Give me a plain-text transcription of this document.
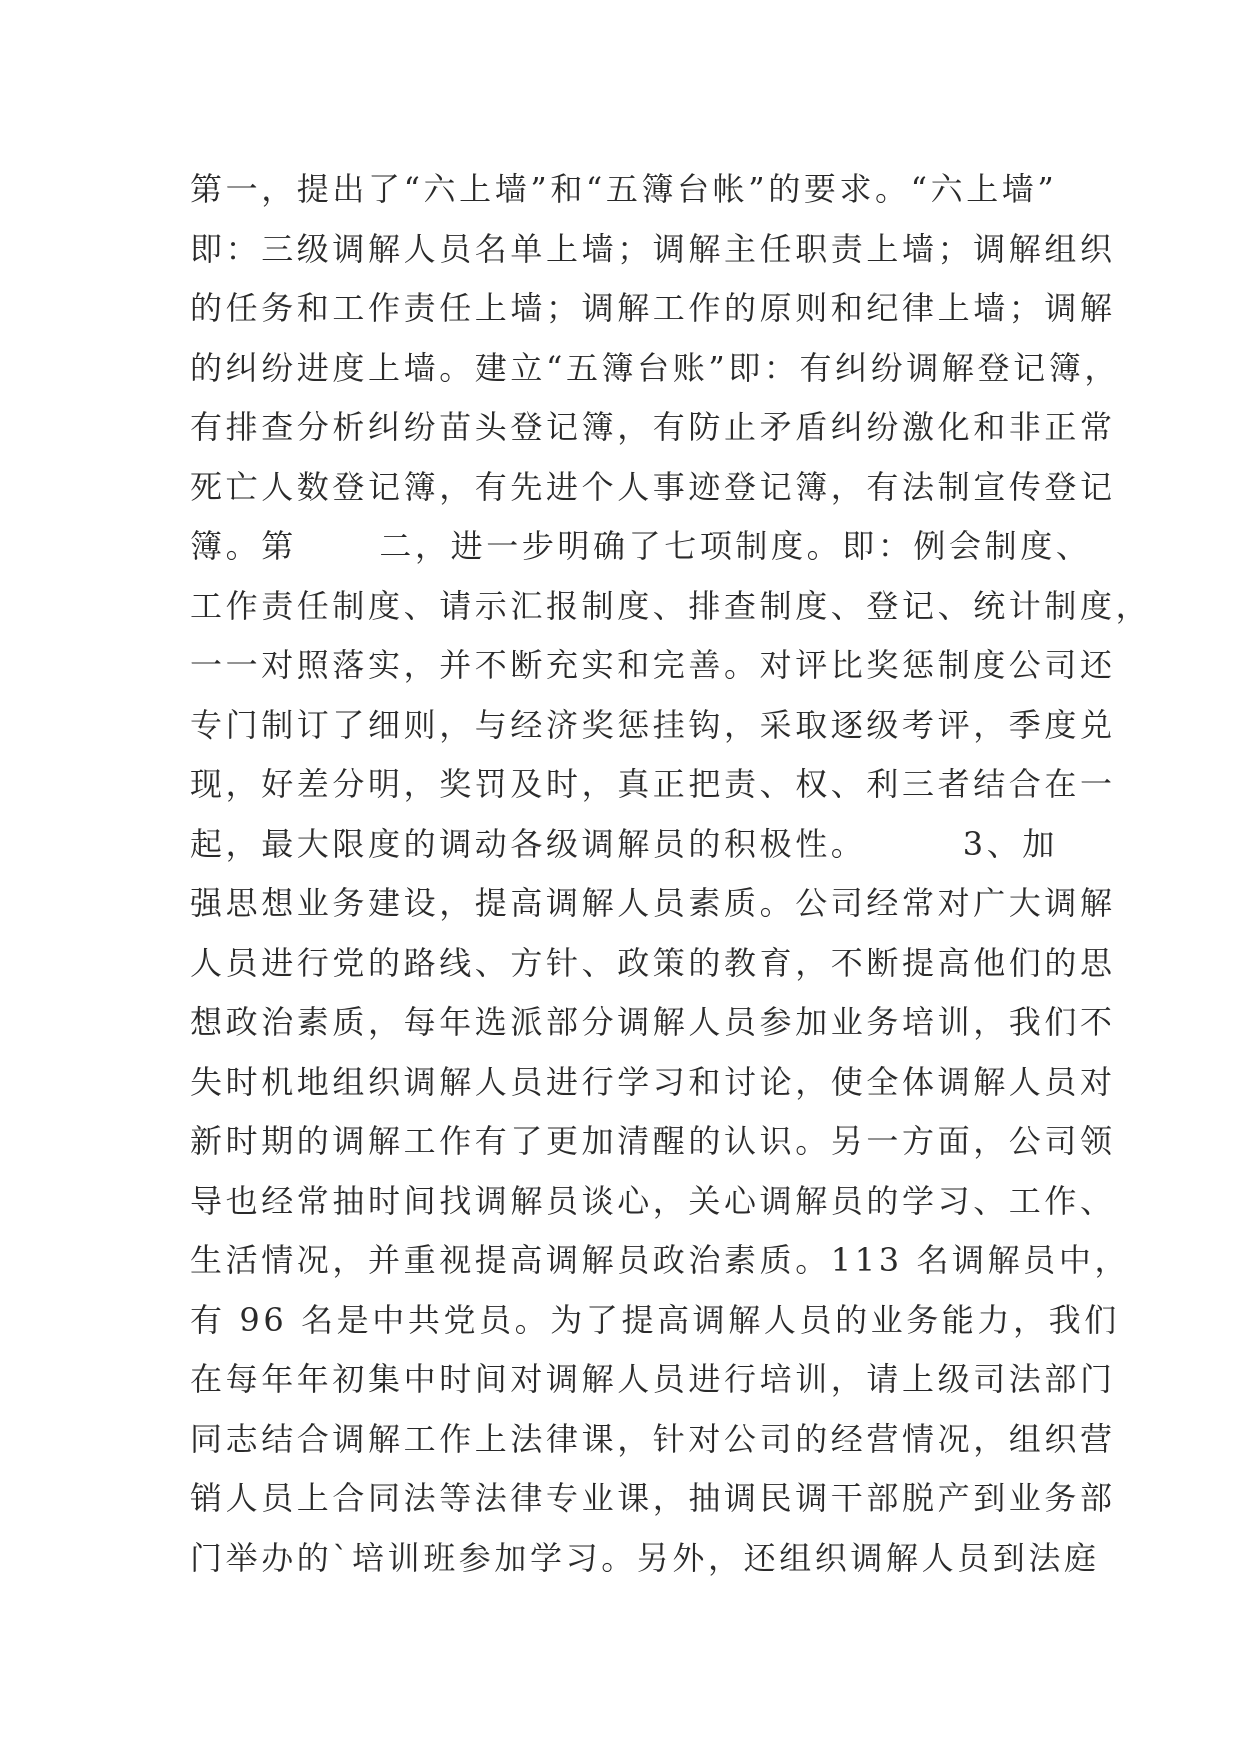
第一，提出了“六上墙”和“五簿台帐”的要求。“六上墙”
即：三级调解人员名单上墙；调解主任职责上墙；调解组织
的任务和工作责任上墙；调解工作的原则和纪律上墙；调解
的纠纷进度上墙。建立“五簿台账”即：有纠纷调解登记簿，
有排查分析纠纷苗头登记簿，有防止矛盾纠纷激化和非正常
死亡人数登记簿，有先进个人事迹登记簿，有法制宣传登记
簿。第      二，进一步明确了七项制度。即：例会制度、
工作责任制度、请示汇报制度、排查制度、登记、统计制度，
一一对照落实，并不断充实和完善。对评比奖惩制度公司还
专门制订了细则，与经济奖惩挂钩，采取逐级考评，季度兑
现，好差分明，奖罚及时，真正把责、权、利三者结合在一
起，最大限度的调动各级调解员的积极性。       3、加
强思想业务建设，提高调解人员素质。公司经常对广大调解
人员进行党的路线、方针、政策的教育，不断提高他们的思
想政治素质，每年选派部分调解人员参加业务培训，我们不
失时机地组织调解人员进行学习和讨论，使全体调解人员对
新时期的调解工作有了更加清醒的认识。另一方面，公司领
导也经常抽时间找调解员谈心，关心调解员的学习、工作、
生活情况，并重视提高调解员政治素质。113 名调解员中，
有 96 名是中共党员。为了提高调解人员的业务能力，我们
在每年年初集中时间对调解人员进行培训，请上级司法部门
同志结合调解工作上法律课，针对公司的经营情况，组织营
销人员上合同法等法律专业课，抽调民调干部脱产到业务部
门举办的`培训班参加学习。另外，还组织调解人员到法庭
